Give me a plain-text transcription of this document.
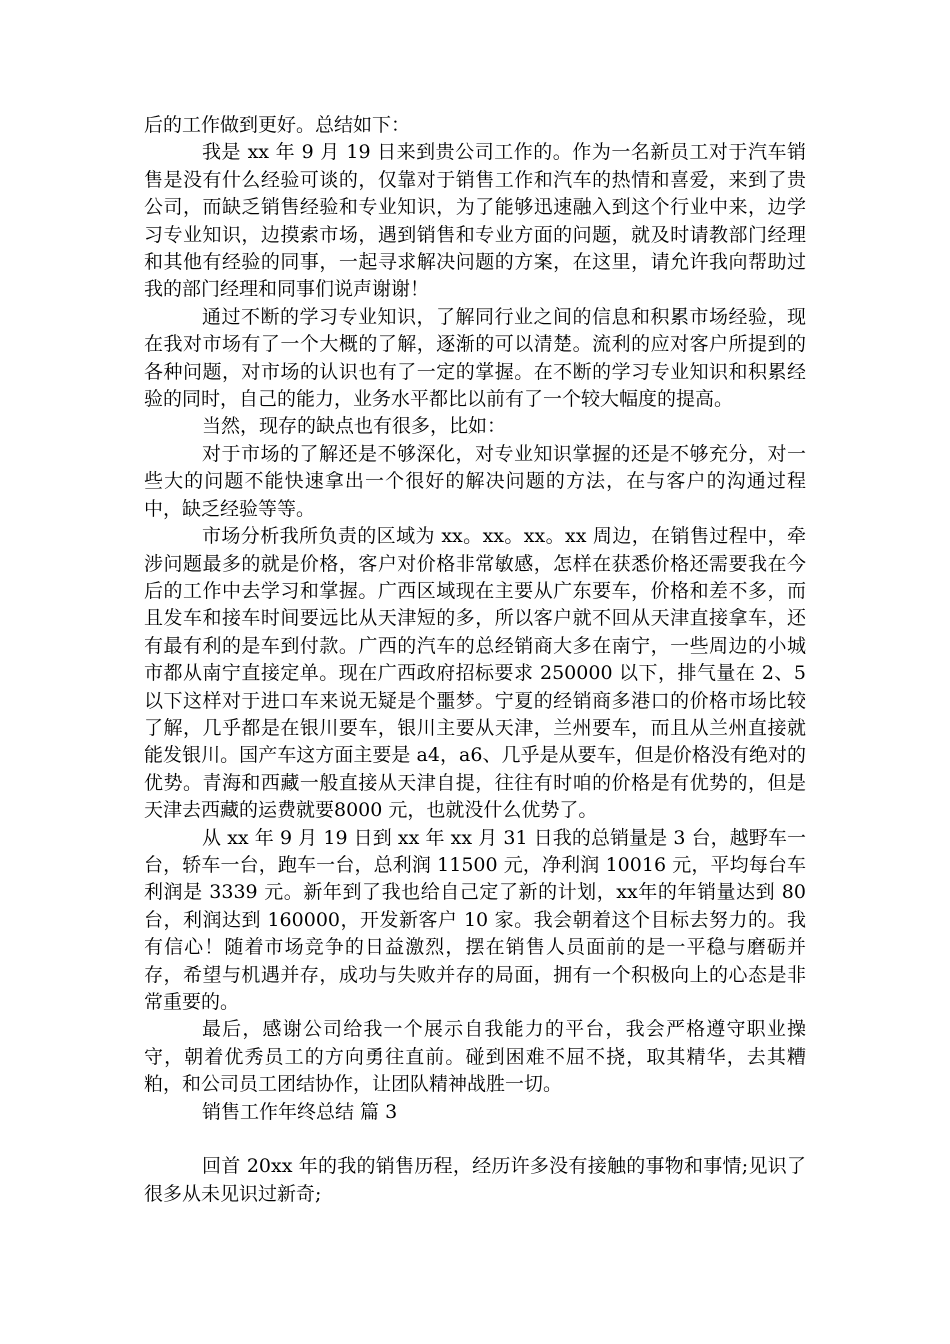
后的工作做到更好。总结如下：

我是 xx 年 9 月 19 日来到贵公司工作的。作为一名新员工对于汽车销售是没有什么经验可谈的，仅靠对于销售工作和汽车的热情和喜爱，来到了贵公司，而缺乏销售经验和专业知识，为了能够迅速融入到这个行业中来，边学习专业知识，边摸索市场，遇到销售和专业方面的问题，就及时请教部门经理和其他有经验的同事，一起寻求解决问题的方案，在这里，请允许我向帮助过我的部门经理和同事们说声谢谢！

通过不断的学习专业知识，了解同行业之间的信息和积累市场经验，现在我对市场有了一个大概的了解，逐渐的可以清楚。流利的应对客户所提到的各种问题，对市场的认识也有了一定的掌握。在不断的学习专业知识和积累经验的同时，自己的能力，业务水平都比以前有了一个较大幅度的提高。

当然，现存的缺点也有很多，比如：

对于市场的了解还是不够深化，对专业知识掌握的还是不够充分，对一些大的问题不能快速拿出一个很好的解决问题的方法，在与客户的沟通过程中，缺乏经验等等。

市场分析我所负责的区域为 xx。xx。xx。xx 周边，在销售过程中，牵涉问题最多的就是价格，客户对价格非常敏感，怎样在获悉价格还需要我在今后的工作中去学习和掌握。广西区域现在主要从广东要车，价格和差不多，而且发车和接车时间要远比从天津短的多，所以客户就不回从天津直接拿车，还有最有利的是车到付款。广西的汽车的总经销商大多在南宁，一些周边的小城市都从南宁直接定单。现在广西政府招标要求 250000 以下，排气量在 2、5 以下这样对于进口车来说无疑是个噩梦。宁夏的经销商多港口的价格市场比较了解，几乎都是在银川要车，银川主要从天津，兰州要车，而且从兰州直接就能发银川。国产车这方面主要是 a4，a6、几乎是从要车，但是价格没有绝对的优势。青海和西藏一般直接从天津自提，往往有时咱的价格是有优势的，但是天津去西藏的运费就要8000 元，也就没什么优势了。

从 xx 年 9 月 19 日到 xx 年 xx 月 31 日我的总销量是 3 台，越野车一台，轿车一台，跑车一台，总利润 11500 元，净利润 10016 元，平均每台车利润是 3339 元。新年到了我也给自己定了新的计划，xx年的年销量达到 80 台，利润达到 160000，开发新客户 10 家。我会朝着这个目标去努力的。我有信心！随着市场竞争的日益激烈，摆在销售人员面前的是一平稳与磨砺并存，希望与机遇并存，成功与失败并存的局面，拥有一个积极向上的心态是非常重要的。

最后，感谢公司给我一个展示自我能力的平台，我会严格遵守职业操守，朝着优秀员工的方向勇往直前。碰到困难不屈不挠，取其精华，去其糟粕，和公司员工团结协作，让团队精神战胜一切。

销售工作年终总结 篇 3

回首 20xx 年的我的销售历程，经历许多没有接触的事物和事情;见识了很多从未见识过新奇;
